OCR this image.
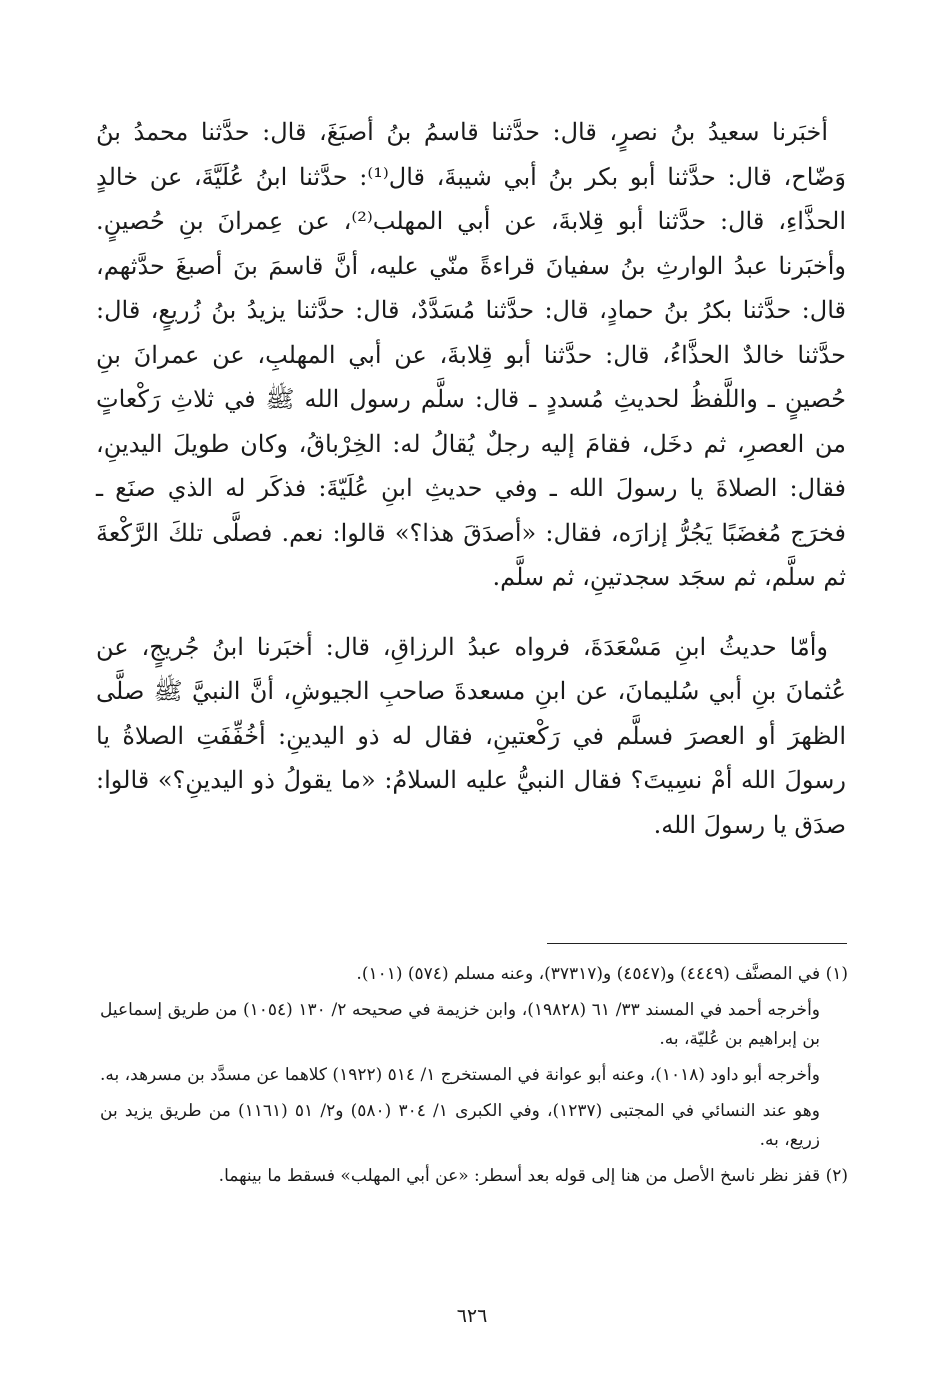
أخبَرنا سعيدُ بنُ نصرٍ، قال: حدَّثنا قاسمُ بنُ أصبَغَ، قال: حدَّثنا محمدُ بنُ وَضّاح، قال: حدَّثنا أبو بكر بنُ أبي شيبةَ، قال⁽¹⁾: حدَّثنا ابنُ عُلَيَّةَ، عن خالدٍ الحذَّاءِ، قال: حدَّثنا أبو قِلابةَ، عن أبي المهلب⁽²⁾، عن عِمرانَ بنِ حُصينٍ. وأخبَرنا عبدُ الوارثِ بنُ سفيانَ قراءةً منّي عليه، أنَّ قاسمَ بنَ أصبغَ حدَّثهم، قال: حدَّثنا بكرُ بنُ حمادٍ، قال: حدَّثنا مُسَدَّدٌ، قال: حدَّثنا يزيدُ بنُ زُريعٍ، قال: حدَّثنا خالدٌ الحذَّاءُ، قال: حدَّثنا أبو قِلابةَ، عن أبي المهلبِ، عن عمرانَ بنِ حُصينٍ ـ واللَّفظُ لحديثِ مُسددٍ ـ قال: سلَّم رسول الله ﷺ في ثلاثِ رَكْعاتٍ من العصرِ، ثم دخَل، فقامَ إليه رجلٌ يُقالُ له: الخِرْباقُ، وكان طويلَ اليدينِ، فقال: الصلاةَ يا رسولَ الله ـ وفي حديثِ ابنِ عُلَيّةَ: فذكَر له الذي صنَع ـ فخرَج مُغضَبًا يَجُرُّ إزارَه، فقال: «أصدَقَ هذا؟» قالوا: نعم. فصلَّى تلكَ الرَّكْعةَ ثم سلَّم، ثم سجَد سجدتينِ، ثم سلَّم.

وأمّا حديثُ ابنِ مَسْعَدَةَ، فرواه عبدُ الرزاقِ، قال: أخبَرنا ابنُ جُريجٍ، عن عُثمانَ بنِ أبي سُليمانَ، عن ابنِ مسعدةَ صاحبِ الجيوشِ، أنَّ النبيَّ ﷺ صلَّى الظهرَ أو العصرَ فسلَّم في رَكْعتينِ، فقال له ذو اليدينِ: أخُفِّفَتِ الصلاةُ يا رسولَ الله أمْ نسِيتَ؟ فقال النبيُّ عليه السلامُ: «ما يقولُ ذو اليدينِ؟» قالوا: صدَق يا رسولَ الله.

(١) في المصنَّف (٤٤٤٩) و(٤٥٤٧) و(٣٧٣١٧)، وعنه مسلم (٥٧٤) (١٠١).

وأخرجه أحمد في المسند ٣٣/ ٦١ (١٩٨٢٨)، وابن خزيمة في صحيحه ٢/ ١٣٠ (١٠٥٤) من طريق إسماعيل بن إبراهيم بن عُليّة، به.

وأخرجه أبو داود (١٠١٨)، وعنه أبو عوانة في المستخرج ١/ ٥١٤ (١٩٢٢) كلاهما عن مسدَّد بن مسرهد، به.

وهو عند النسائي في المجتبى (١٢٣٧)، وفي الكبرى ١/ ٣٠٤ (٥٨٠) و٢/ ٥١ (١١٦١) من طريق يزيد بن زريع، به.

(٢) قفز نظر ناسخ الأصل من هنا إلى قوله بعد أسطر: «عن أبي المهلب» فسقط ما بينهما.

٦٢٦
